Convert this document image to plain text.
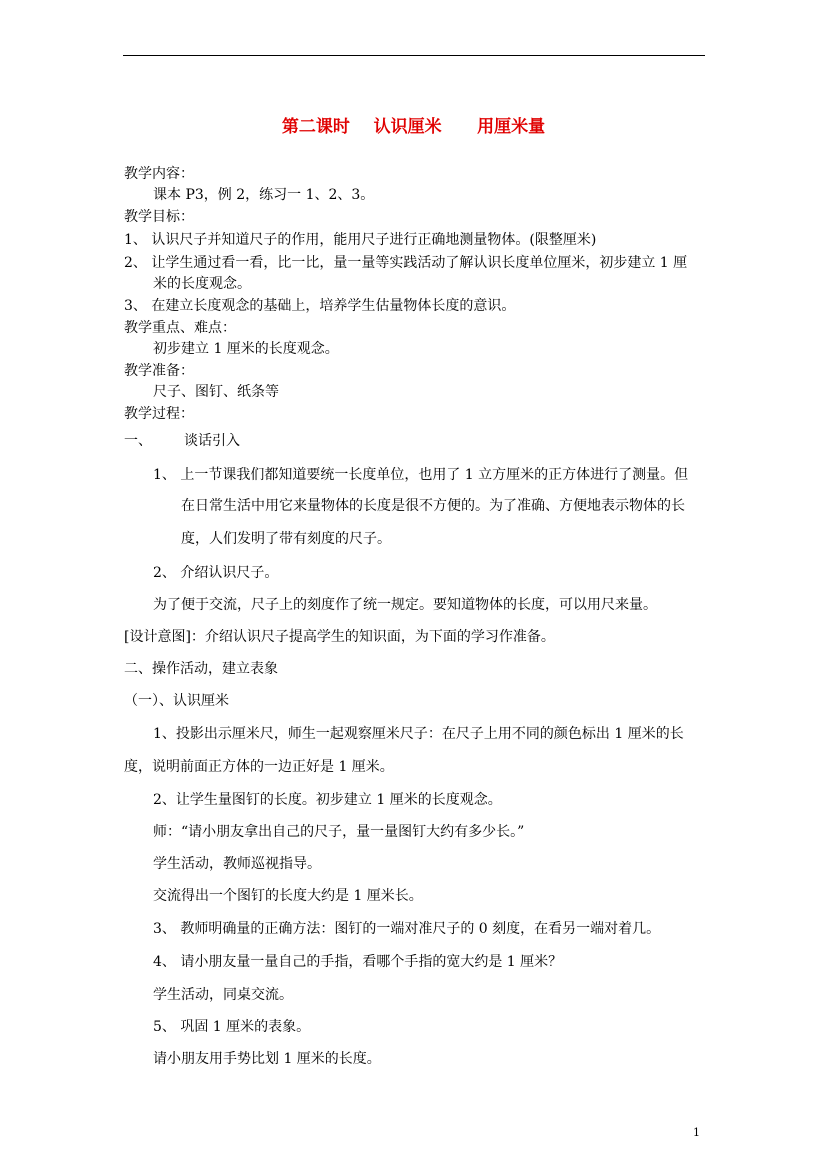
第二课时    认识厘米      用厘米量
教学内容：
课本 P3，例 2，练习一 1、2、3。
教学目标：
1、 认识尺子并知道尺子的作用，能用尺子进行正确地测量物体。(限整厘米)
2、 让学生通过看一看，比一比，量一量等实践活动了解认识长度单位厘米，初步建立 1 厘
米的长度观念。
3、 在建立长度观念的基础上，培养学生估量物体长度的意识。
教学重点、难点：
初步建立 1 厘米的长度观念。
教学准备：
尺子、图钉、纸条等
教学过程：
一、 谈话引入
1、 上一节课我们都知道要统一长度单位，也用了 1 立方厘米的正方体进行了测量。但
在日常生活中用它来量物体的长度是很不方便的。为了准确、方便地表示物体的长
度，人们发明了带有刻度的尺子。
2、 介绍认识尺子。
为了便于交流，尺子上的刻度作了统一规定。要知道物体的长度，可以用尺来量。
[设计意图]：介绍认识尺子提高学生的知识面，为下面的学习作准备。
二、操作活动，建立表象
（一）、认识厘米
1、投影出示厘米尺，师生一起观察厘米尺子：在尺子上用不同的颜色标出 1 厘米的长
度，说明前面正方体的一边正好是 1 厘米。
2、让学生量图钉的长度。初步建立 1 厘米的长度观念。
师：“请小朋友拿出自己的尺子，量一量图钉大约有多少长。”
学生活动，教师巡视指导。
交流得出一个图钉的长度大约是 1 厘米长。
3、 教师明确量的正确方法：图钉的一端对准尺子的 0 刻度，在看另一端对着几。
4、 请小朋友量一量自己的手指，看哪个手指的宽大约是 1 厘米？
学生活动，同桌交流。
5、 巩固 1 厘米的表象。
请小朋友用手势比划 1 厘米的长度。
1
